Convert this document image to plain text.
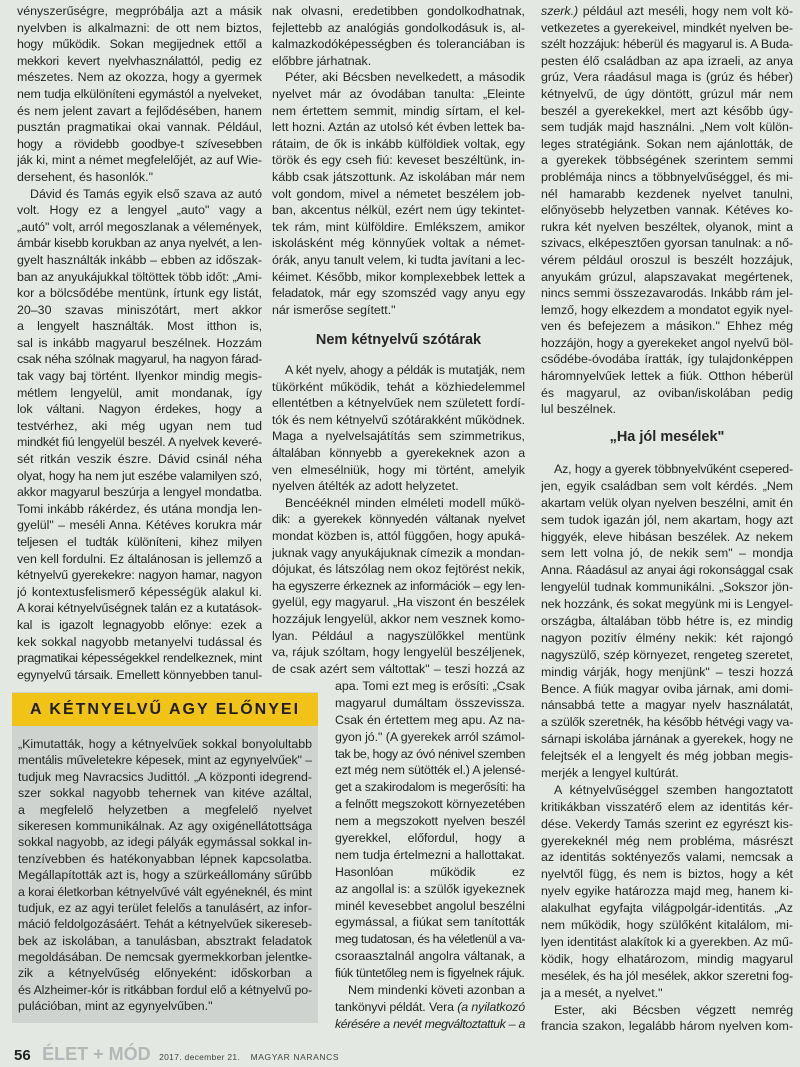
vényszerűségre, megpróbálja azt a másik
nyelvben is alkalmazni: de ott nem biztos,
hogy működik. Sokan megijednek ettől a
mekkori kevert nyelvhasználattól, pedig ez
mészetes. Nem az okozza, hogy a gyermek
nem tudja elkülöníteni egymástól a nyelveket,
és nem jelent zavart a fejlődésében, hanem
pusztán pragmatikai okai vannak. Például,
hogy a rövidebb goodbye-t szívesebben
ják ki, mint a német megfelelőjét, az auf Wie-
dersehent, és hasonlók."
Dávid és Tamás egyik első szava az autó
volt. Hogy ez a lengyel „auto" vagy a
„autó" volt, arról megoszlanak a vélemények,
ámbár kisebb korukban az anya nyelvét, a len-
gyelt használták inkább – ebben az időszak-
ban az anyukájukkal töltöttek több időt: „Ami-
kor a bölcsődébe mentünk, írtunk egy listát,
20–30 szavas miniszótárt, mert akkor
a lengyelt használták. Most itthon is,
sal is inkább magyarul beszélnek. Hozzám
csak néha szólnak magyarul, ha nagyon fárad-
tak vagy baj történt. Ilyenkor mindig megis-
métlem lengyelül, amit mondanak, így
lok váltani. Nagyon érdekes, hogy a
testvérhez, aki még ugyan nem tud
mindkét fiú lengyelül beszél. A nyelvek keveré-
sét ritkán veszik észre. Dávid csinál néha
olyat, hogy ha nem jut eszébe valamilyen szó,
akkor magyarul beszúrja a lengyel mondatba.
Tomi inkább rákérdez, és utána mondja len-
gyelül" – meséli Anna. Kétéves korukra már
teljesen el tudták különíteni, kihez milyen
ven kell fordulni. Ez általánosan is jellemző a
kétnyelvű gyerekekre: nagyon hamar, nagyon
jó kontextusfelismerő képességük alakul ki.
A korai kétnyelvűségnek talán ez a kutatások-
kal is igazolt legnagyobb előnye: ezek a
kek sokkal nagyobb metanyelvi tudással és
pragmatikai képességekkel rendelkeznek, mint
egynyelvű társaik. Emellett könnyebben tanul-
nak olvasni, eredetibben gondolkodhatnak,
fejlettebb az analógiás gondolkodásuk is, al-
kalmazkodóképességben és toleranciában is
előbbre járhatnak.
Péter, aki Bécsben nevelkedett, a második
nyelvet már az óvodában tanulta: „Eleinte
nem értettem semmit, mindig sírtam, el kel-
lett hozni. Aztán az utolsó két évben lettek ba-
rátaim, de ők is inkább külföldiek voltak, egy
török és egy cseh fiú: keveset beszéltünk, in-
kább csak játszottunk. Az iskolában már nem
volt gondom, mivel a németet beszélem job-
ban, akcentus nélkül, ezért nem úgy tekintet-
tek rám, mint külföldire. Emlékszem, amikor
iskolásként még könnyűek voltak a német-
órák, anyu tanult velem, ki tudta javítani a lec-
kéimet. Később, mikor komplexebbek lettek a
feladatok, már egy szomszéd vagy anyu egy
nár ismerőse segített."
Nem kétnyelvű szótárak
A két nyelv, ahogy a példák is mutatják, nem
tükörként működik, tehát a közhiedelemmel
ellentétben a kétnyelvűek nem született fordí-
tók és nem kétnyelvű szótárakként működnek.
Maga a nyelvelsajátítás sem szimmetrikus,
általában könnyebb a gyerekeknek azon a
ven elmesélniük, hogy mi történt, amelyik
nyelven átélték az adott helyzetet.
Bencééknél minden elméleti modell műkö-
dik: a gyerekek könnyedén váltanak nyelvet
mondat közben is, attól függően, hogy apuká-
juknak vagy anyukájuknak címezik a mondan-
dójukat, és látszólag nem okoz fejtörést nekik,
ha egyszerre érkeznek az információk – egy len-
gyelül, egy magyarul. „Ha viszont én beszélek
hozzájuk lengyelül, akkor nem vesznek komo-
lyan. Például a nagyszülőkkel mentünk
va, rájuk szóltam, hogy lengyelül beszéljenek,
de csak azért sem váltottak" – teszi hozzá az
apa. Tomi ezt meg is erősíti: „Csak
magyarul dumáltam összevissza.
Csak én értettem meg apu. Az na-
gyon jó." (A gyerekek arról számol-
tak be, hogy az óvó nénivel szemben
ezt még nem sütötték el.) A jelensé-
get a szakirodalom is megerősíti: ha
a felnőtt megszokott környezetében
nem a megszokott nyelven beszél
gyerekkel, előfordul, hogy a
nem tudja értelmezni a hallottakat.
Hasonlóan működik ez
az angollal is: a szülők igyekeznek
minél kevesebbet angolul beszélni
egymással, a fiúkat sem tanították
meg tudatosan, és ha véletlenül a va-
csoraasztalnál angolra váltanak, a
fiúk tüntetőleg nem is figyelnek rájuk.
Nem mindenki követi azonban a
tankönyvi példát. Vera (a nyilatkozó
kérésére a nevét megváltoztattuk – a
szerk.) például azt meséli, hogy nem volt kö-
vetkezetes a gyerekeivel, mindkét nyelven be-
szélt hozzájuk: héberül és magyarul is. A Buda-
pesten élő családban az apa izraeli, az anya
grúz, Vera ráadásul maga is (grúz és héber)
kétnyelvű, de úgy döntött, grúzul már nem
beszél a gyerekekkel, mert azt később úgy-
sem tudják majd használni. „Nem volt külön-
leges stratégiánk. Sokan nem ajánlották, de
a gyerekek többségének szerintem semmi
problémája nincs a többnyelvűséggel, és mi-
nél hamarabb kezdenek nyelvet tanulni,
előnyösebb helyzetben vannak. Kétéves ko-
rukra két nyelven beszéltek, olyanok, mint a
szivacs, elképesztően gyorsan tanulnak: a nő-
vérem például oroszul is beszélt hozzájuk,
anyukám grúzul, alapszavakat megértenek,
nincs semmi összezavarodás. Inkább rám jel-
lemző, hogy elkezdem a mondatot egyik nyel-
ven és befejezem a másikon." Ehhez még
hozzájön, hogy a gyerekeket angol nyelvű böl-
csődébe-óvodába íratták, így tulajdonképpen
háromnyelvűek lettek a fiúk. Otthon héberül
és magyarul, az oviban/iskolában pedig
lul beszélnek.
„Ha jól mesélek"
Az, hogy a gyerek többnyelvűként csepered-
jen, egyik családban sem volt kérdés. „Nem
akartam velük olyan nyelven beszélni, amit én
sem tudok igazán jól, nem akartam, hogy azt
higgyék, eleve hibásan beszélek. Az nekem
sem lett volna jó, de nekik sem" – mondja
Anna. Ráadásul az anyai ági rokonsággal csak
lengyelül tudnak kommunikálni. „Sokszor jön-
nek hozzánk, és sokat megyünk mi is Lengyel-
országba, általában több hétre is, ez mindig
nagyon pozitív élmény nekik: két rajongó
nagyszülő, szép környezet, rengeteg szeretet,
mindig várják, hogy menjünk" – teszi hozzá
Bence. A fiúk magyar oviba járnak, ami domi-
nánsabbá tette a magyar nyelv használatát,
a szülők szeretnék, ha később hétvégi vagy va-
sárnapi iskolába járnának a gyerekek, hogy ne
felejtsék el a lengyelt és még jobban megis-
merjék a lengyel kultúrát.
A kétnyelvűséggel szemben hangoztatott
kritikákban visszatérő elem az identitás kér-
dése. Vekerdy Tamás szerint ez egyrészt kis-
gyerekeknél még nem probléma, másrészt
az identitás soktényezős valami, nemcsak a
nyelvtől függ, és nem is biztos, hogy a két
nyelv egyike határozza majd meg, hanem ki-
alakulhat egyfajta világpolgár-identitás. „Az
nem működik, hogy szülőként kitalálom, mi-
lyen identitást alakítok ki a gyerekben. Az mű-
ködik, hogy elhatározom, mindig magyarul
mesélek, és ha jól mesélek, akkor szeretni fog-
ja a mesét, a nyelvet."
Ester, aki Bécsben végzett nemrég
francia szakon, legalább három nyelven kom-
A KÉTNYELVŰ AGY ELŐNYEI
„Kimutatták, hogy a kétnyelvűek sokkal bonyolultabb
mentális műveletekre képesek, mint az egynyelvűek" –
tudjuk meg Navracsics Judittól. „A központi idegrend-
szer sokkal nagyobb tehernek van kitéve azáltal,
a megfelelő helyzetben a megfelelő nyelvet
sikeresen kommunikálnak. Az agy oxigénellátottsága
sokkal nagyobb, az idegi pályák egymással sokkal in-
tenzívebben és hatékonyabban lépnek kapcsolatba.
Megállapították azt is, hogy a szürkeállomány sűrűbb
a korai életkorban kétnyelvűvé vált egyéneknél, és mint
tudjuk, ez az agyi terület felelős a tanulásért, az infor-
máció feldolgozásáért. Tehát a kétnyelvűek sikereseb-
bek az iskolában, a tanulásban, absztrakt feladatok
megoldásában. De nemcsak gyermekkorban jelentke-
zik a kétnyelvűség előnyeként: időskorban a
és Alzheimer-kór is ritkábban fordul elő a kétnyelvű po-
pulációban, mint az egynyelvűben."
56 ÉLET + MÓD 2017. december 21. MAGYAR NARANCS
